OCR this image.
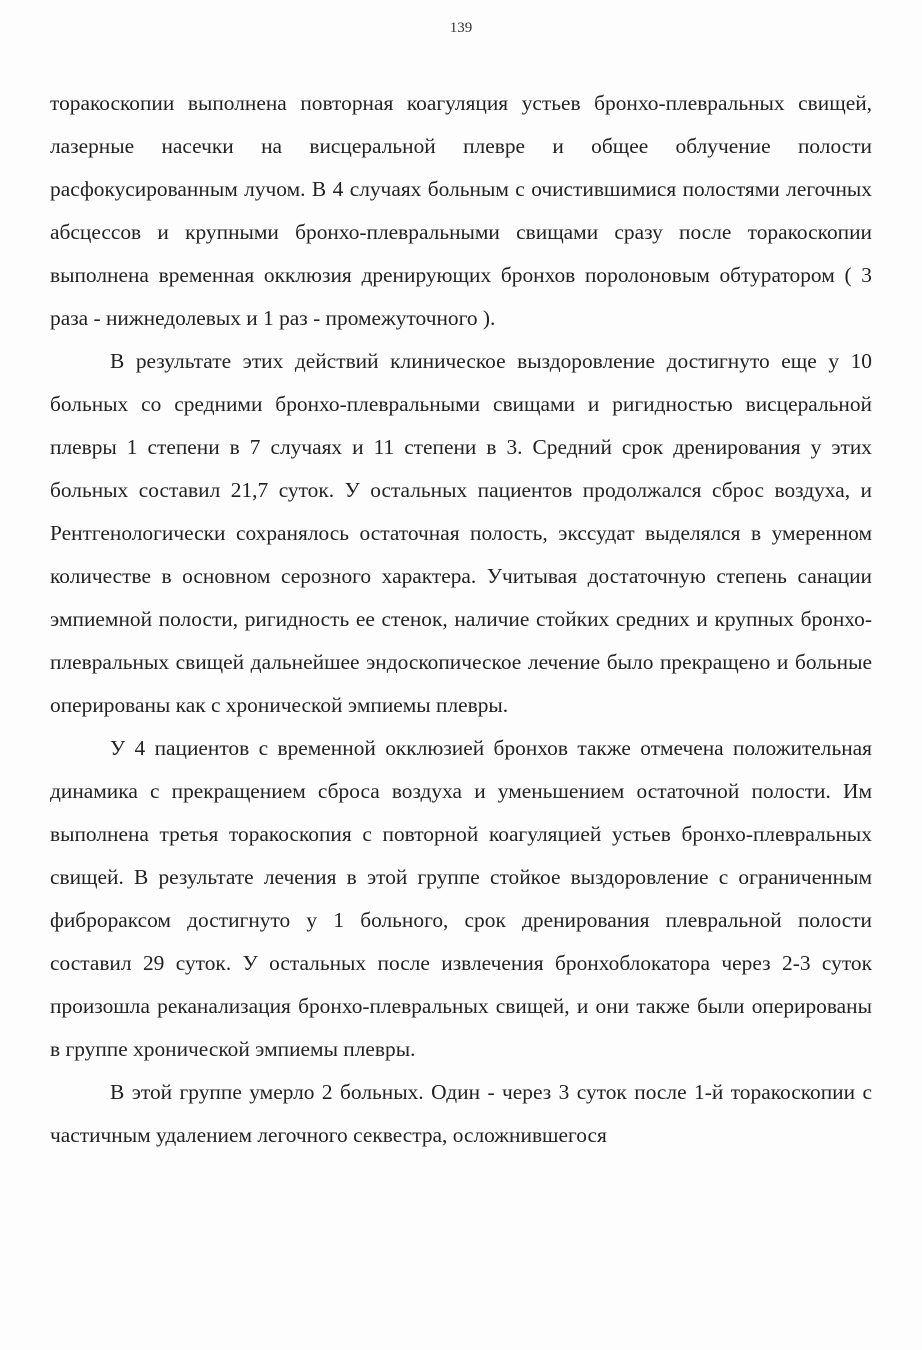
139

торакоскопии выполнена повторная коагуляция устьев бронхо-плевральных свищей, лазерные насечки на висцеральной плевре и общее облучение полости расфокусированным лучом. В 4 случаях больным с очистившимися полостями легочных абсцессов и крупными бронхо-плевральными свищами сразу после торакоскопии выполнена временная окклюзия дренирующих бронхов поролоновым обтуратором ( 3 раза - нижнедолевых и 1 раз - промежуточного ).

В результате этих действий клиническое выздоровление достигнуто еще у 10 больных со средними бронхо-плевральными свищами и ригидностью висцеральной плевры 1 степени в 7 случаях и 11 степени в 3. Средний срок дренирования у этих больных составил 21,7 суток. У остальных пациентов продолжался сброс воздуха, и Рентгенологически сохранялось остаточная полость, экссудат выделялся в умеренном количестве в основном серозного характера. Учитывая достаточную степень санации эмпиемной полости, ригидность ее стенок, наличие стойких средних и крупных бронхо-плевральных свищей дальнейшее эндоскопическое лечение было прекращено и больные оперированы как с хронической эмпиемы плевры.

У 4 пациентов с временной окклюзией бронхов также отмечена положительная динамика с прекращением сброса воздуха и уменьшением остаточной полости. Им выполнена третья торакоскопия с повторной коагуляцией устьев бронхо-плевральных свищей. В результате лечения в этой группе стойкое выздоровление с ограниченным фиброраксом достигнуто у 1 больного, срок дренирования плевральной полости составил 29 суток. У остальных после извлечения бронхоблокатора через 2-3 суток произошла реканализация бронхо-плевральных свищей, и они также были оперированы в группе хронической эмпиемы плевры.

В этой группе умерло 2 больных. Один - через 3 суток после 1-й торакоскопии с частичным удалением легочного секвестра, осложнившегося
